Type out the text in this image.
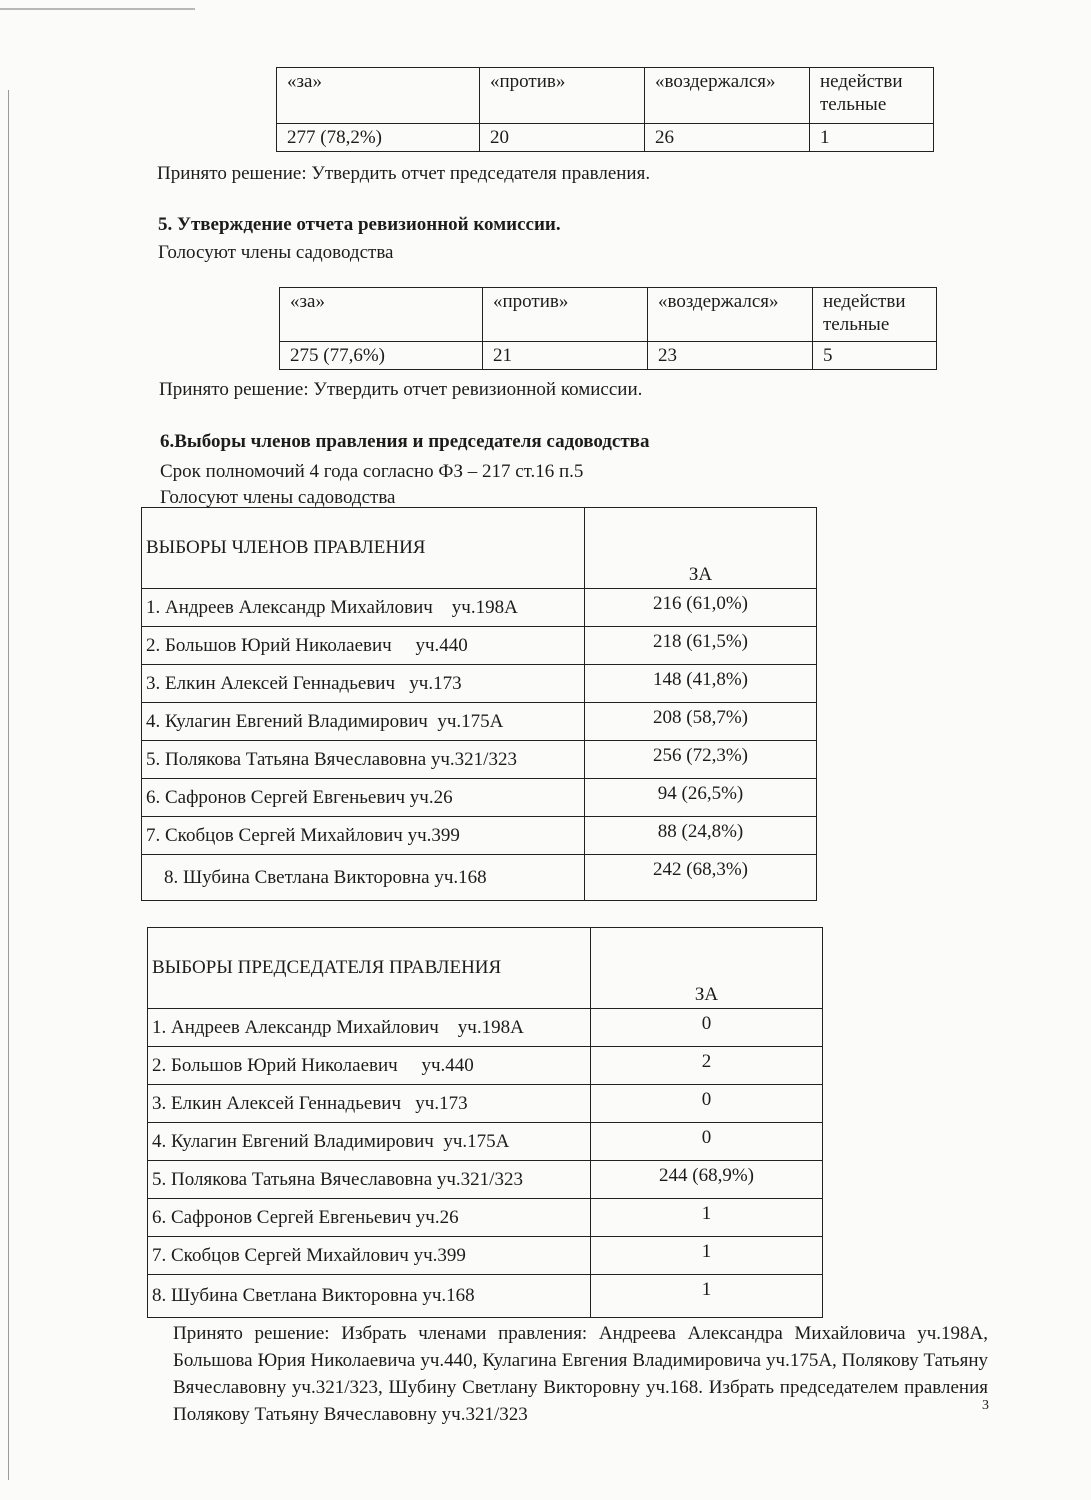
«за»	«против»	«воздержался»	недействи
тельные
277 (78,2%)	20	26	1
Принято решение: Утвердить отчет председателя правления.
5. Утверждение отчета ревизионной комиссии.
Голосуют члены садоводства
«за»	«против»	«воздержался»	недействи
тельные
275 (77,6%)	21	23	5
Принято решение: Утвердить отчет ревизионной комиссии.
6.Выборы членов правления и председателя садоводства
Срок полномочий 4 года согласно ФЗ – 217 ст.16 п.5
Голосуют члены садоводства
ВЫБОРЫ ЧЛЕНОВ ПРАВЛЕНИЯ	ЗА
1. Андреев Александр Михайлович    уч.198А	216 (61,0%)
2. Большов Юрий Николаевич     уч.440	218 (61,5%)
3. Елкин Алексей Геннадьевич   уч.173	148 (41,8%)
4. Кулагин Евгений Владимирович  уч.175А	208 (58,7%)
5. Полякова Татьяна Вячеславовна уч.321/323	256 (72,3%)
6. Сафронов Сергей Евгеньевич уч.26	94 (26,5%)
7. Скобцов Сергей Михайлович уч.399	88 (24,8%)
8. Шубина Светлана Викторовна уч.168	242 (68,3%)
ВЫБОРЫ ПРЕДСЕДАТЕЛЯ ПРАВЛЕНИЯ	ЗА
1. Андреев Александр Михайлович    уч.198А	0
2. Большов Юрий Николаевич     уч.440	2
3. Елкин Алексей Геннадьевич   уч.173	0
4. Кулагин Евгений Владимирович  уч.175А	0
5. Полякова Татьяна Вячеславовна уч.321/323	244 (68,9%)
6. Сафронов Сергей Евгеньевич уч.26	1
7. Скобцов Сергей Михайлович уч.399	1
8. Шубина Светлана Викторовна уч.168	1
Принято решение: Избрать членами правления: Андреева Александра Михайловича уч.198А, Большова Юрия Николаевича уч.440, Кулагина Евгения Владимировича уч.175А, Полякову Татьяну Вячеславовну уч.321/323, Шубину Светлану Викторовну уч.168. Избрать председателем правления Полякову Татьяну Вячеславовну уч.321/323	3
